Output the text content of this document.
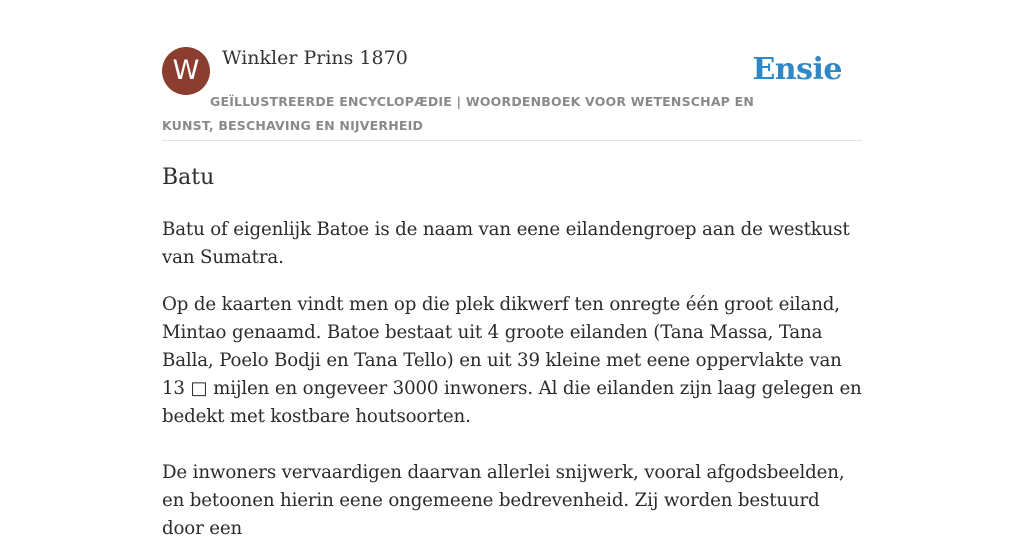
W	Winkler Prins 1870	Ensie
GEÏLLUSTREERDE ENCYCLOPÆDIE | WOORDENBOEK VOOR WETENSCHAP EN KUNST, BESCHAVING EN NIJVERHEID
Batu

Batu of eigenlijk Batoe is de naam van eene eilandengroep aan de westkust van Sumatra.

Op de kaarten vindt men op die plek dikwerf ten onregte één groot eiland, Mintao genaamd. Batoe bestaat uit 4 groote eilanden (Tana Massa, Tana Balla, Poelo Bodji en Tana Tello) en uit 39 kleine met eene oppervlakte van 13 □ mijlen en ongeveer 3000 inwoners. Al die eilanden zijn laag gelegen en bedekt met kostbare houtsoorten.

De inwoners vervaardigen daarvan allerlei snijwerk, vooral afgodsbeelden, en betoonen hierin eene ongemeene bedrevenheid. Zij worden bestuurd door een
